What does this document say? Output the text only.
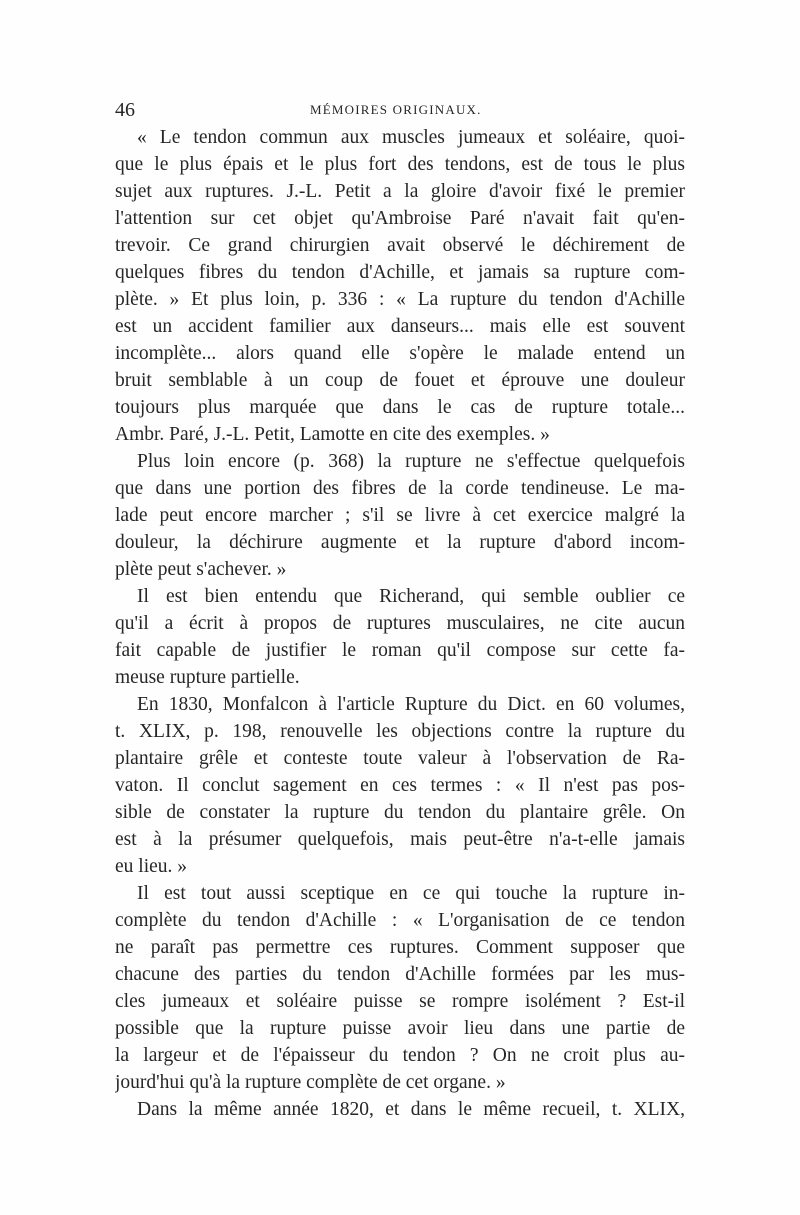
46	MÉMOIRES ORIGINAUX.
« Le tendon commun aux muscles jumeaux et soléaire, quoi-
que le plus épais et le plus fort des tendons, est de tous le plus
sujet aux ruptures. J.-L. Petit a la gloire d'avoir fixé le premier
l'attention sur cet objet qu'Ambroise Paré n'avait fait qu'en-
trevoir. Ce grand chirurgien avait observé le déchirement de
quelques fibres du tendon d'Achille, et jamais sa rupture com-
plète. » Et plus loin, p. 336 : « La rupture du tendon d'Achille
est un accident familier aux danseurs... mais elle est souvent
incomplète... alors quand elle s'opère le malade entend un
bruit semblable à un coup de fouet et éprouve une douleur
toujours plus marquée que dans le cas de rupture totale...
Ambr. Paré, J.-L. Petit, Lamotte en cite des exemples. »
Plus loin encore (p. 368) la rupture ne s'effectue quelquefois
que dans une portion des fibres de la corde tendineuse. Le ma-
lade peut encore marcher ; s'il se livre à cet exercice malgré la
douleur, la déchirure augmente et la rupture d'abord incom-
plète peut s'achever. »
Il est bien entendu que Richerand, qui semble oublier ce
qu'il a écrit à propos de ruptures musculaires, ne cite aucun
fait capable de justifier le roman qu'il compose sur cette fa-
meuse rupture partielle.
En 1830, Monfalcon à l'article Rupture du Dict. en 60 volumes,
t. XLIX, p. 198, renouvelle les objections contre la rupture du
plantaire grêle et conteste toute valeur à l'observation de Ra-
vaton. Il conclut sagement en ces termes : « Il n'est pas pos-
sible de constater la rupture du tendon du plantaire grêle. On
est à la présumer quelquefois, mais peut-être n'a-t-elle jamais
eu lieu. »
Il est tout aussi sceptique en ce qui touche la rupture in-
complète du tendon d'Achille : « L'organisation de ce tendon
ne paraît pas permettre ces ruptures. Comment supposer que
chacune des parties du tendon d'Achille formées par les mus-
cles jumeaux et soléaire puisse se rompre isolément ? Est-il
possible que la rupture puisse avoir lieu dans une partie de
la largeur et de l'épaisseur du tendon ? On ne croit plus au-
jourd'hui qu'à la rupture complète de cet organe. »
Dans la même année 1820, et dans le même recueil, t. XLIX,
